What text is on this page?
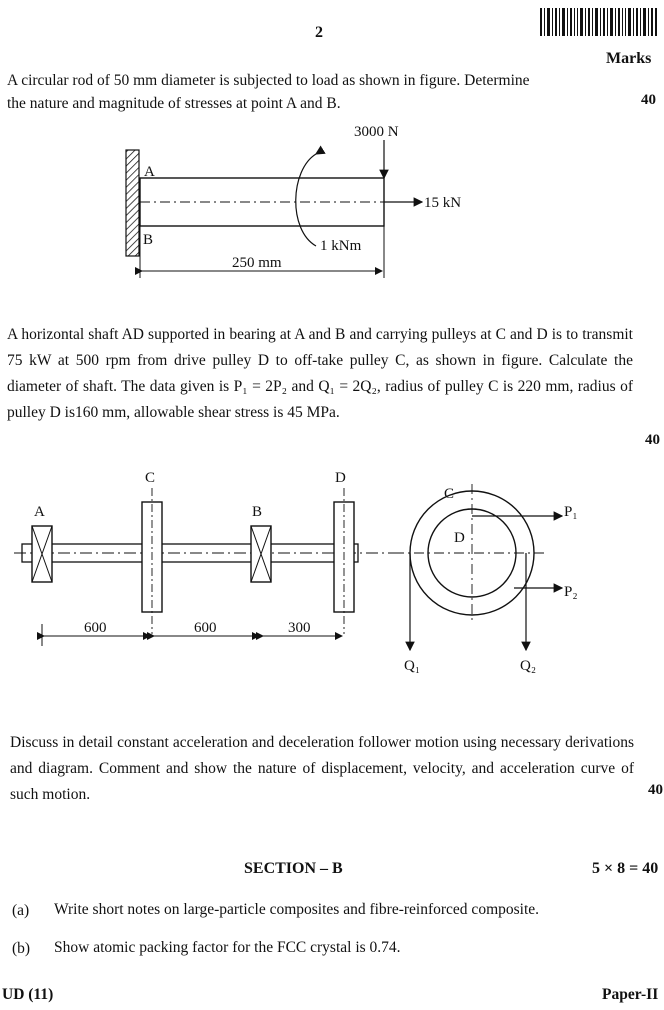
2
Marks
A circular rod of 50 mm diameter is subjected to load as shown in figure. Determine
the nature and magnitude of stresses at point A and B.	40
15 kN
3000 N
1 kNm
A
B
250 mm
A horizontal shaft AD supported in bearing at A and B and carrying pulleys at C and D is to transmit 75 kW at 500 rpm from drive pulley D to off-take pulley C, as shown in figure. Calculate the diameter of shaft. The data given is P₁ = 2P₂ and Q₁ = 2Q₂, radius of pulley C is 220 mm, radius of pulley D is160 mm, allowable shear stress is 45 MPa.
40
A
C
B
D
600	600	300
C
D
P₁
P₂
Q₁	Q₂
Discuss in detail constant acceleration and deceleration follower motion using necessary derivations and diagram. Comment and show the nature of displacement, velocity, and acceleration curve of such motion.	40
SECTION – B	5 × 8 = 40
(a) Write short notes on large-particle composites and fibre-reinforced composite.
(b) Show atomic packing factor for the FCC crystal is 0.74.
UD (11)	Paper-II
